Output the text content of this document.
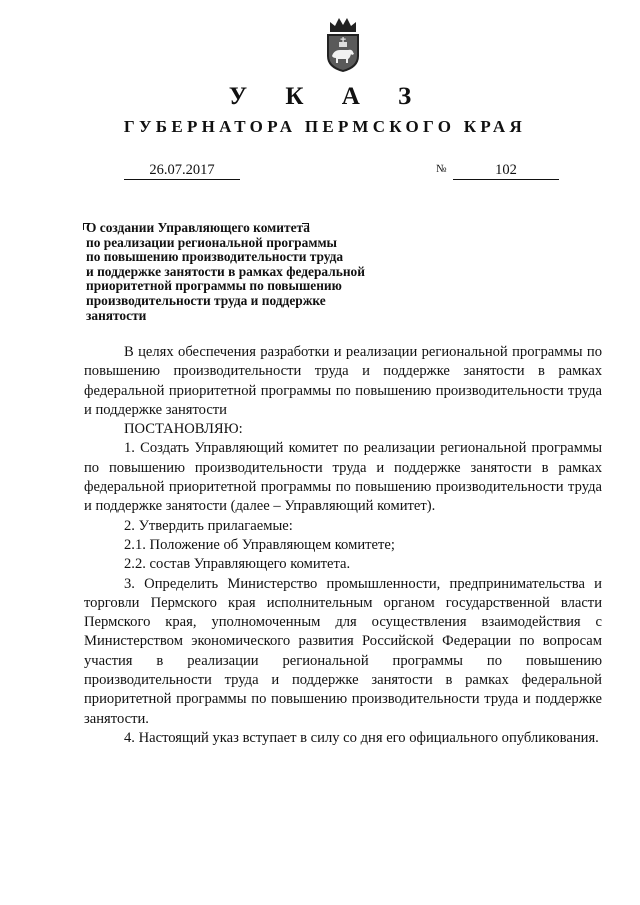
У К А З
ГУБЕРНАТОРА ПЕРМСКОГО КРАЯ
26.07.2017	№	102

О создании Управляющего комитета
по реализации региональной программы
по повышению производительности труда
и поддержке занятости в рамках федеральной
приоритетной программы по повышению
производительности труда и поддержке
занятости

В целях обеспечения разработки и реализации региональной программы по повышению производительности труда и поддержке занятости в рамках федеральной приоритетной программы по повышению производительности труда и поддержке занятости

ПОСТАНОВЛЯЮ:

1. Создать Управляющий комитет по реализации региональной программы по повышению производительности труда и поддержке занятости в рамках федеральной приоритетной программы по повышению производительности труда и поддержке занятости (далее – Управляющий комитет).

2. Утвердить прилагаемые:

2.1. Положение об Управляющем комитете;

2.2. состав Управляющего комитета.

3. Определить Министерство промышленности, предпринимательства и торговли Пермского края исполнительным органом государственной власти Пермского края, уполномоченным для осуществления взаимодействия с Министерством экономического развития Российской Федерации по вопросам участия в реализации региональной программы по повышению производительности труда и поддержке занятости в рамках федеральной приоритетной программы по повышению производительности труда и поддержке занятости.

4. Настоящий указ вступает в силу со дня его официального опубликования.
